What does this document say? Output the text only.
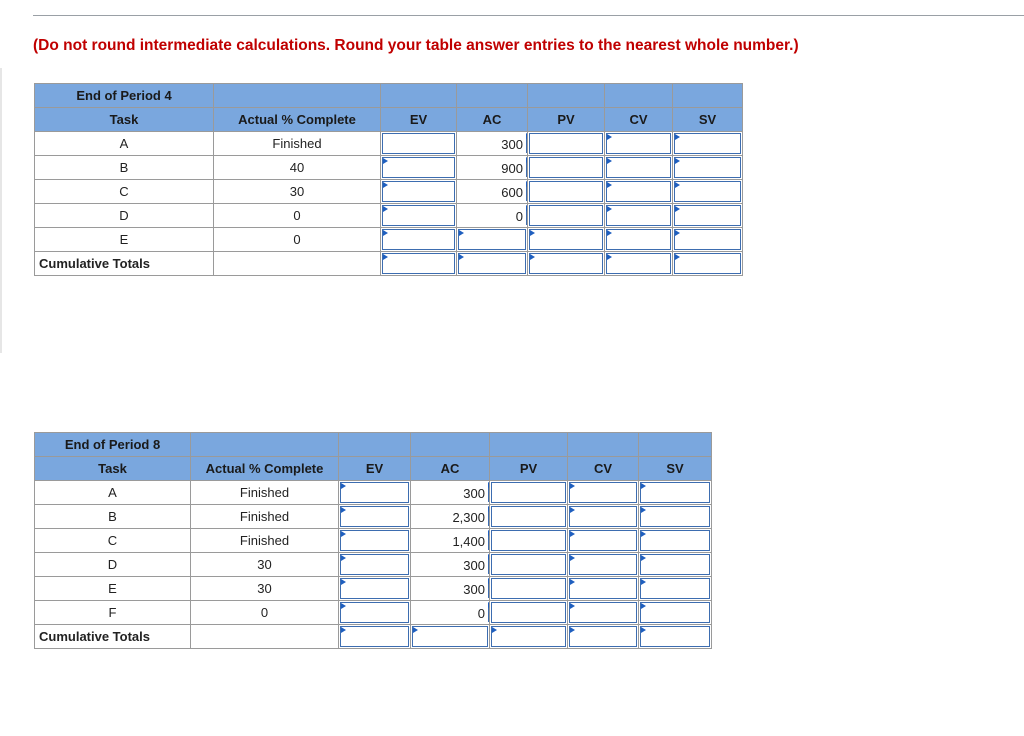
(Do not round intermediate calculations. Round your table answer entries to the nearest whole number.)
End of Period 4						
Task	Actual % Complete	EV	AC	PV	CV	SV
A	Finished		300			

B	40		900			

C	30		600			

D	0		0			

E	0	

Cumulative Totals		

End of Period 8						
Task	Actual % Complete	EV	AC	PV	CV	SV
A	Finished		300			

B	Finished		2,300			

C	Finished		1,400			

D	30		300			

E	30		300			

F	0		0			

Cumulative Totals		
